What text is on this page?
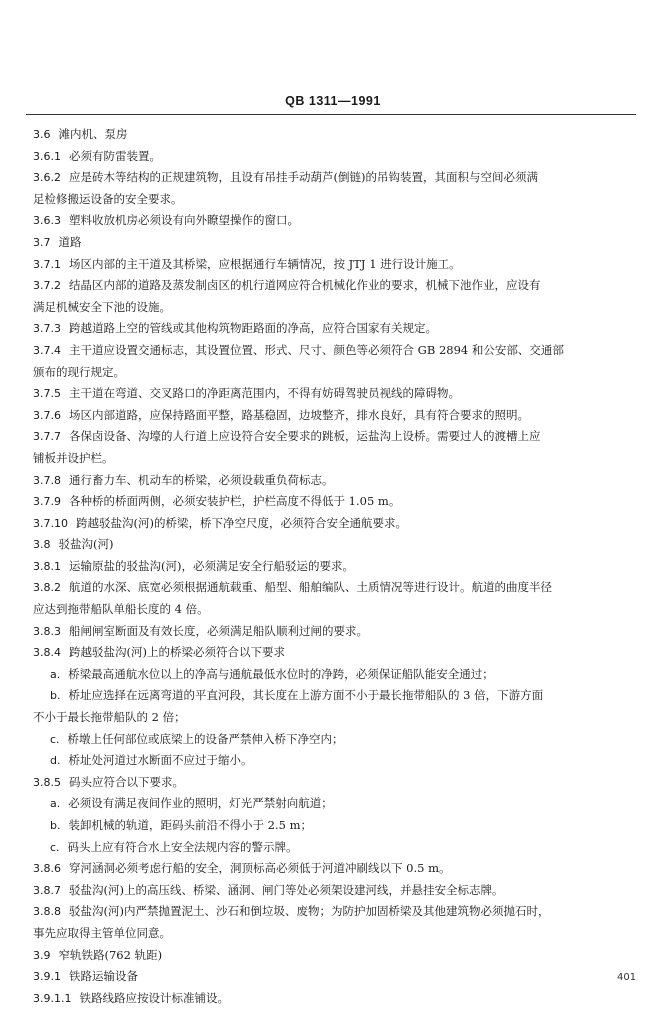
QB 1311—1991
3.6 滩内机、泵房
3.6.1 必须有防雷装置。
3.6.2 应是砖木等结构的正规建筑物，且设有吊挂手动葫芦(倒链)的吊钩装置，其面积与空间必须满
足检修搬运设备的安全要求。
3.6.3 塑料收放机房必须设有向外瞭望操作的窗口。
3.7 道路
3.7.1 场区内部的主干道及其桥梁，应根据通行车辆情况，按 JTJ 1 进行设计施工。
3.7.2 结晶区内部的道路及蒸发制卤区的机行道网应符合机械化作业的要求，机械下池作业，应设有
满足机械安全下池的设施。
3.7.3 跨越道路上空的管线或其他构筑物距路面的净高，应符合国家有关规定。
3.7.4 主干道应设置交通标志，其设置位置、形式、尺寸、颜色等必须符合 GB 2894 和公安部、交通部
颁布的现行规定。
3.7.5 主干道在弯道、交叉路口的净距离范围内，不得有妨碍驾驶员视线的障碍物。
3.7.6 场区内部道路，应保持路面平整，路基稳固，边坡整齐，排水良好，具有符合要求的照明。
3.7.7 各保卤设备、沟壕的人行道上应设符合安全要求的跳板，运盐沟上设桥。需要过人的渡槽上应
铺板并设护栏。
3.7.8 通行畜力车、机动车的桥梁，必须设载重负荷标志。
3.7.9 各种桥的桥面两侧，必须安装护栏，护栏高度不得低于 1.05 m。
3.7.10 跨越驳盐沟(河)的桥梁，桥下净空尺度，必须符合安全通航要求。
3.8 驳盐沟(河)
3.8.1 运输原盐的驳盐沟(河)，必须满足安全行船驳运的要求。
3.8.2 航道的水深、底宽必须根据通航载重、船型、船舶编队、土质情况等进行设计。航道的曲度半径
应达到拖带船队单船长度的 4 倍。
3.8.3 船闸闸室断面及有效长度，必须满足船队顺利过闸的要求。
3.8.4 跨越驳盐沟(河)上的桥梁必须符合以下要求
a. 桥梁最高通航水位以上的净高与通航最低水位时的净跨，必须保证船队能安全通过；
b. 桥址应选择在远离弯道的平直河段，其长度在上游方面不小于最长拖带船队的 3 倍，下游方面
不小于最长拖带船队的 2 倍；
c. 桥墩上任何部位或底梁上的设备严禁伸入桥下净空内；
d. 桥址处河道过水断面不应过于缩小。
3.8.5 码头应符合以下要求。
a. 必须设有满足夜间作业的照明，灯光严禁射向航道；
b. 装卸机械的轨道，距码头前沿不得小于 2.5 m；
c. 码头上应有符合水上安全法规内容的警示牌。
3.8.6 穿河涵洞必须考虑行船的安全，洞顶标高必须低于河道冲刷线以下 0.5 m。
3.8.7 驳盐沟(河)上的高压线、桥梁、涵洞、闸门等处必须架设建河线，并悬挂安全标志牌。
3.8.8 驳盐沟(河)内严禁抛置泥土、沙石和倒垃圾、废物；为防护加固桥梁及其他建筑物必须抛石时，
事先应取得主管单位同意。
3.9 窄轨铁路(762 轨距)
3.9.1 铁路运输设备
3.9.1.1 铁路线路应按设计标准铺设。
401
